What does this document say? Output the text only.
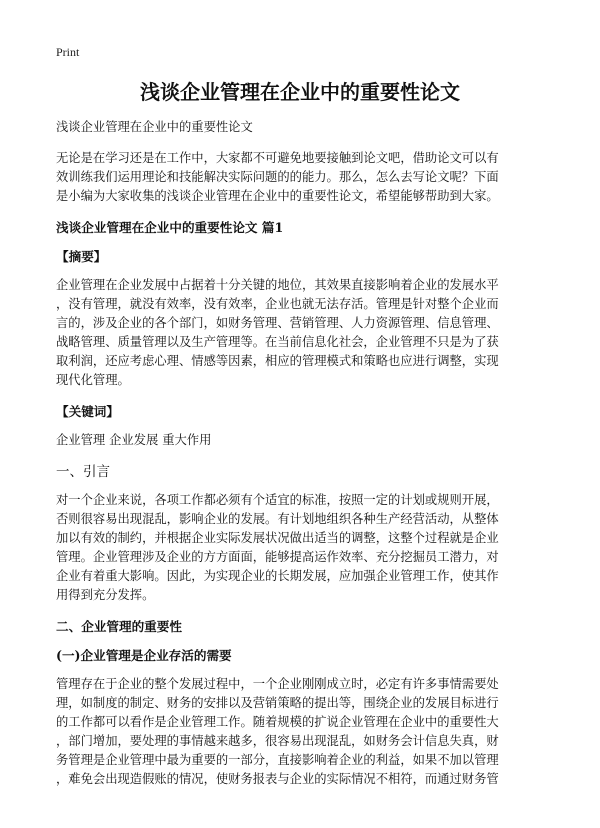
Print
浅谈企业管理在企业中的重要性论文

浅谈企业管理在企业中的重要性论文

无论是在学习还是在工作中，大家都不可避免地要接触到论文吧，借助论文可以有
效训练我们运用理论和技能解决实际问题的的能力。那么，怎么去写论文呢？下面
是小编为大家收集的浅谈企业管理在企业中的重要性论文，希望能够帮助到大家。
浅谈企业管理在企业中的重要性论文 篇1
【摘要】
企业管理在企业发展中占据着十分关键的地位，其效果直接影响着企业的发展水平
，没有管理，就没有效率，没有效率，企业也就无法存活。管理是针对整个企业而
言的，涉及企业的各个部门，如财务管理、营销管理、人力资源管理、信息管理、
战略管理、质量管理以及生产管理等。在当前信息化社会，企业管理不只是为了获
取利润，还应考虑心理、情感等因素，相应的管理模式和策略也应进行调整，实现
现代化管理。
【关键词】

企业管理 企业发展 重大作用

一、引言
对一个企业来说，各项工作都必须有个适宜的标准，按照一定的计划或规则开展，
否则很容易出现混乱，影响企业的发展。有计划地组织各种生产经营活动，从整体
加以有效的制约，并根据企业实际发展状况做出适当的调整，这整个过程就是企业
管理。企业管理涉及企业的方方面面，能够提高运作效率、充分挖掘员工潜力，对
企业有着重大影响。因此，为实现企业的长期发展，应加强企业管理工作，使其作
用得到充分发挥。
二、企业管理的重要性
(一)企业管理是企业存活的需要
管理存在于企业的整个发展过程中，一个企业刚刚成立时，必定有许多事情需要处
理，如制度的制定、财务的安排以及营销策略的提出等，围绕企业的发展目标进行
的工作都可以看作是企业管理工作。随着规模的扩说企业管理在企业中的重要性大
，部门增加，要处理的事情越来越多，很容易出现混乱，如财务会计信息失真，财
务管理是企业管理中最为重要的一部分，直接影响着企业的利益，如果不加以管理
，难免会出现造假账的情况，使财务报表与企业的实际情况不相符，而通过财务管
